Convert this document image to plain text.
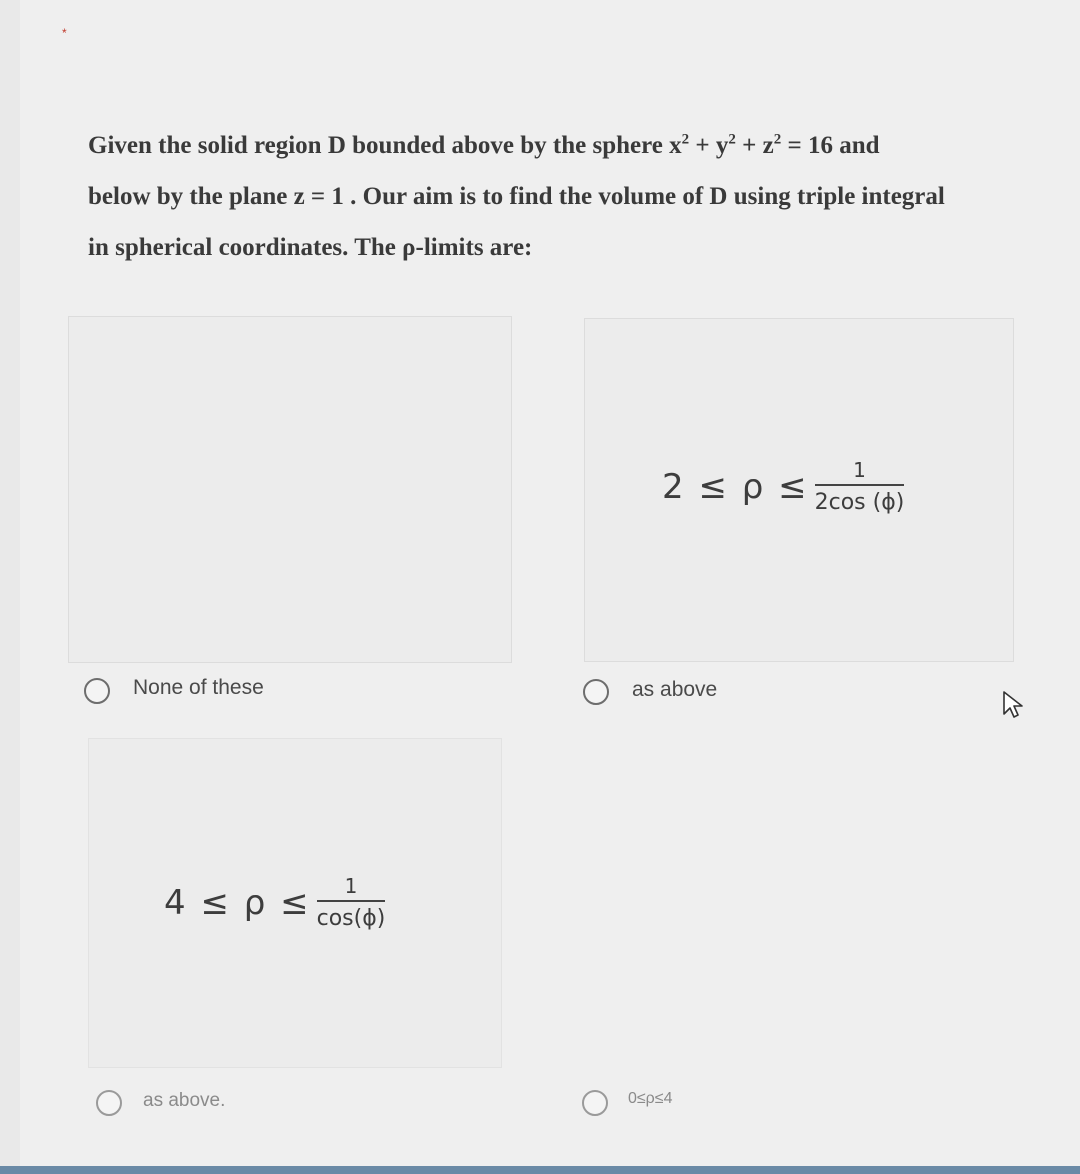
*
Given the solid region D bounded above by the sphere $x^2 + y^2 + z^2 = 16$ and
below by the plane z = 1 . Our aim is to find the volume of D using triple integral
in spherical coordinates. The ρ-limits are:
None of these
$2 \le \rho \le \frac{1}{2\cos (\phi)}$
as above
$4 \le \rho \le \frac{1}{\cos(\phi)}$
as above.	0≤ρ≤4
